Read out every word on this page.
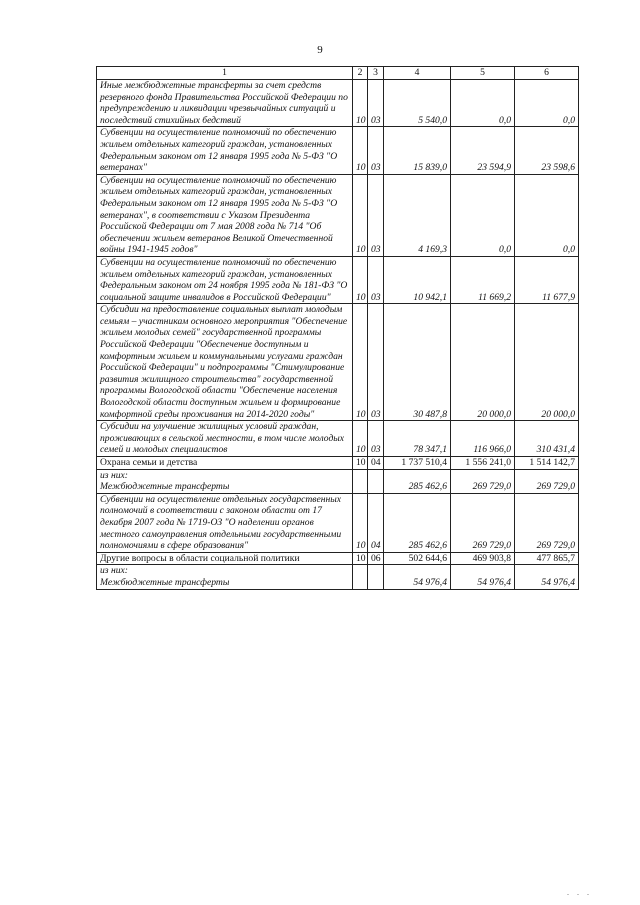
9
1	2	3	4	5	6
Иные межбюджетные трансферты за счет средств резервного фонда Правительства Российской Федерации по предупреждению и ликвидации чрезвычайных ситуаций и последствий стихийных бедствий	10	03	5 540,0	0,0	0,0
Субвенции на осуществление полномочий по обеспечению жильем отдельных категорий граждан, установленных Федеральным законом от 12 января 1995 года № 5-ФЗ "О ветеранах"	10	03	15 839,0	23 594,9	23 598,6
Субвенции на осуществление полномочий по обеспечению жильем отдельных категорий граждан, установленных Федеральным законом от 12 января 1995 года № 5-ФЗ "О ветеранах", в соответствии с Указом Президента Российской Федерации от 7 мая 2008 года № 714 "Об обеспечении жильем ветеранов Великой Отечественной войны 1941-1945 годов"	10	03	4 169,3	0,0	0,0
Субвенции на осуществление полномочий по обеспечению жильем отдельных категорий граждан, установленных Федеральным законом от 24 ноября 1995 года № 181-ФЗ "О социальной защите инвалидов в Российской Федерации"	10	03	10 942,1	11 669,2	11 677,9
Субсидии на предоставление социальных выплат молодым семьям – участникам основного мероприятия "Обеспечение жильем молодых семей" государственной программы Российской Федерации "Обеспечение доступным и комфортным жильем и коммунальными услугами граждан Российской Федерации" и подпрограммы "Стимулирование развития жилищного строительства" государственной программы Вологодской области "Обеспечение населения Вологодской области доступным жильем и формирование комфортной среды проживания на 2014-2020 годы"	10	03	30 487,8	20 000,0	20 000,0
Субсидии на улучшение жилищных условий граждан, проживающих в сельской местности, в том числе молодых семей и молодых специалистов	10	03	78 347,1	116 966,0	310 431,4
Охрана семьи и детства	10	04	1 737 510,4	1 556 241,0	1 514 142,7
из них:					
Межбюджетные трансферты			285 462,6	269 729,0	269 729,0
Субвенции на осуществление отдельных государственных полномочий в соответствии с законом области от 17 декабря 2007 года № 1719-ОЗ "О наделении органов местного самоуправления отдельными государственными полномочиями в сфере образования"	10	04	285 462,6	269 729,0	269 729,0
Другие вопросы в области социальной политики	10	06	502 644,6	469 903,8	477 865,7
из них:					
Межбюджетные трансферты			54 976,4	54 976,4	54 976,4
. . .
